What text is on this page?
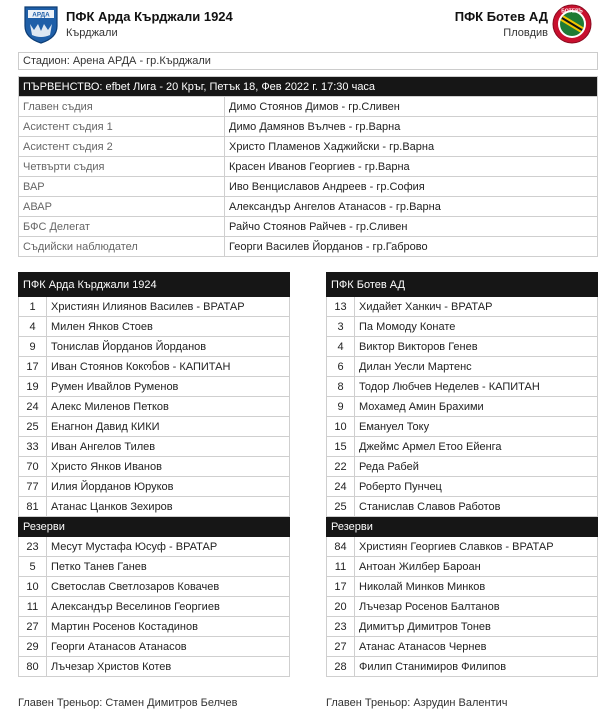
АРДА ПФК Арда Кърджали 1924
Кърджали
ПФК Ботев АД
Пловдив
БОТЕВЪ
Стадион: Арена АРДА - гр.Кърджали
ПЪРВЕНСТВО: efbet Лига - 20 Кръг, Петък 18, Фев 2022 г. 17:30 часа	
Главен съдия	Димо Стоянов Димов - гр.Сливен
Асистент съдия 1	Димо Дамянов Вълчев - гр.Варна
Асистент съдия 2	Христо Пламенов Хаджийски - гр.Варна
Четвърти съдия	Красен Иванов Георгиев - гр.Варна
ВАР	Иво Венциславов Андреев - гр.София
АВАР	Александър Ангелов Атанасов - гр.Варна
БФС Делегат	Райчо Стоянов Райчев - гр.Сливен
Съдийски наблюдател	Георги Василев Йорданов - гр.Габрово
ПФК Арда Кърджали 1924	
1	Християн Илиянов Василев - ВРАТАР
4	Милен Янков Стоев
9	Тонислав Йорданов Йорданов
17	Иван Стоянов Кокონов - КАПИТАН
19	Румен Ивайлов Руменов
24	Алекс Миленов Петков
25	Енагнон Давид КИКИ
33	Иван Ангелов Тилев
70	Христо Янков Иванов
77	Илия Йорданов Юруков
81	Атанас Цанков Зехиров
Резерви	
23	Месут Мустафа Юсуф - ВРАТАР
5	Петко Танев Ганев
10	Светослав Светлозаров Ковачев
11	Александър Веселинов Георгиев
27	Мартин Росенов Костадинов
29	Георги Атанасов Атанасов
80	Лъчезар Христов Котев
ПФК Ботев АД	
13	Хидайет Ханкич - ВРАТАР
3	Па Момоду Конате
4	Виктор Викторов Генев
6	Дилан Уесли Мартенс
8	Тодор Любчев Неделев - КАПИТАН
9	Мохамед Амин Брахими
10	Емануел Току
15	Джеймс Армел Етоо Ейенга
22	Реда Рабей
24	Роберто Пунчец
25	Станислав Славов Работов
Резерви	
84	Християн Георгиев Славков - ВРАТАР
11	Антоан Жилбер Бароан
17	Николай Минков Минков
20	Лъчезар Росенов Балтанов
23	Димитър Димитров Тонев
27	Атанас Атанасов Чернев
28	Филип Станимиров Филипов
Главен Треньор: Стамен Димитров Белчев	Главен Треньор: Азрудин Валентич
